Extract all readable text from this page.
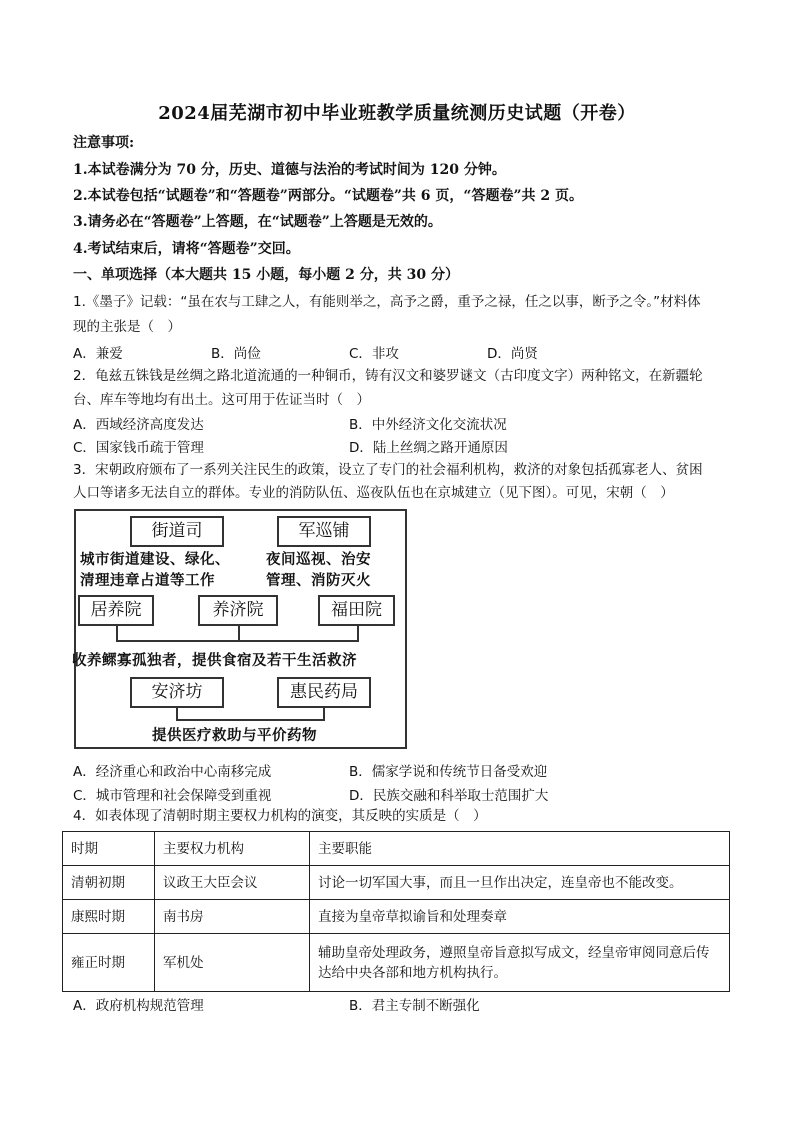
2024届芜湖市初中毕业班教学质量统测历史试题（开卷）
注意事项:
1.本试卷满分为 70 分，历史、道德与法治的考试时间为 120 分钟。
2.本试卷包括“试题卷”和“答题卷”两部分。“试题卷”共 6 页，“答题卷”共 2 页。
3.请务必在“答题卷”上答题，在“试题卷”上答题是无效的。
4.考试结束后，请将“答题卷”交回。
一、单项选择（本大题共 15 小题，每小题 2 分，共 30 分）
1.《墨子》记载：“虽在农与工肆之人，有能则举之，高予之爵，重予之禄，任之以事，断予之令。”材料体
现的主张是（　）
A．兼爱	B．尚俭	C．非攻	D．尚贤
2．龟兹五铢钱是丝绸之路北道流通的一种铜币，铸有汉文和婆罗谜文（古印度文字）两种铭文，在新疆轮
台、库车等地均有出土。这可用于佐证当时（　）
A．西域经济高度发达	B．中外经济文化交流状况
C．国家钱币疏于管理	D．陆上丝绸之路开通原因
3．宋朝政府颁布了一系列关注民生的政策，设立了专门的社会福利机构，救济的对象包括孤寡老人、贫困
人口等诸多无法自立的群体。专业的消防队伍、巡夜队伍也在京城建立（见下图）。可见，宋朝（　）
街道司	军巡铺
城市街道建设、绿化、
清理违章占道等工作
夜间巡视、治安
管理、消防灭火
居养院	养济院	福田院
收养鳏寡孤独者，提供食宿及若干生活救济
安济坊	惠民药局
提供医疗救助与平价药物
A．经济重心和政治中心南移完成	B．儒家学说和传统节日备受欢迎
C．城市管理和社会保障受到重视	D．民族交融和科举取士范围扩大
4．如表体现了清朝时期主要权力机构的演变，其反映的实质是（　）
时期	主要权力机构	主要职能
清朝初期	议政王大臣会议	讨论一切军国大事，而且一旦作出决定，连皇帝也不能改变。
康熙时期	南书房	直接为皇帝草拟谕旨和处理奏章
雍正时期	军机处	辅助皇帝处理政务，遵照皇帝旨意拟写成文，经皇帝审阅同意后传达给中央各部和地方机构执行。
A．政府机构规范管理	B．君主专制不断强化
